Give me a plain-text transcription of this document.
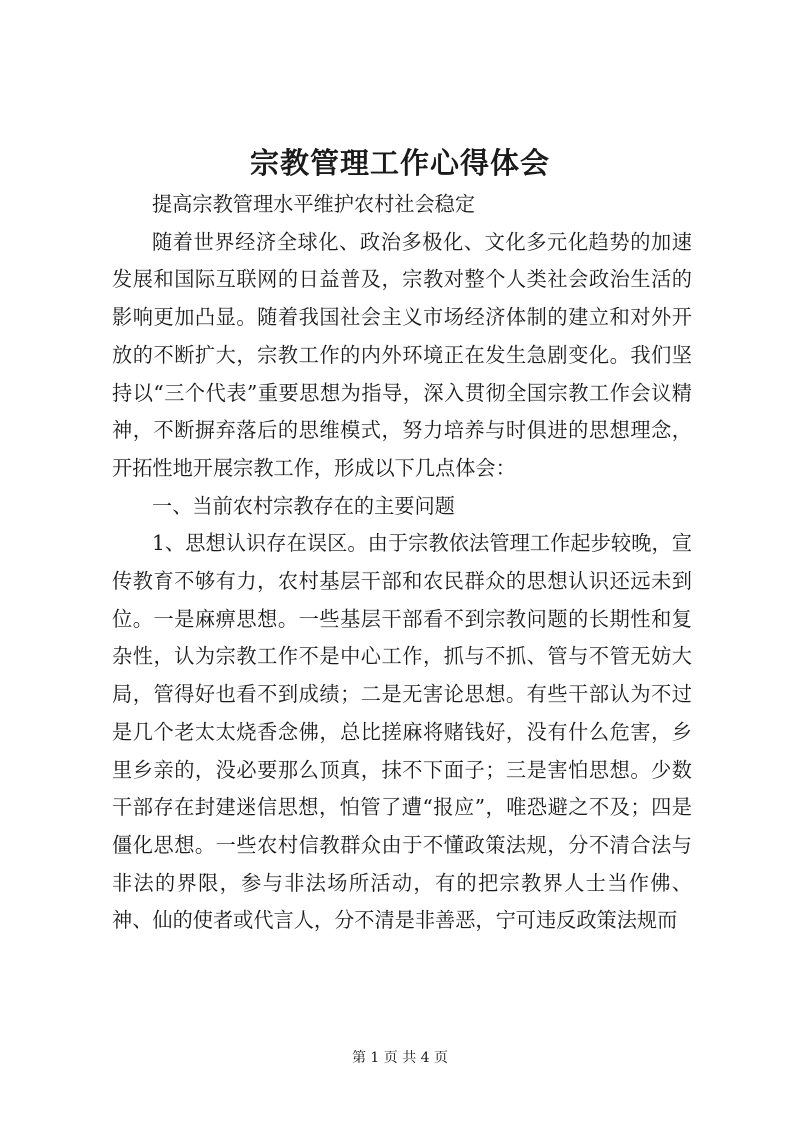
宗教管理工作心得体会

提高宗教管理水平维护农村社会稳定

随着世界经济全球化、政治多极化、文化多元化趋势的加速发展和国际互联网的日益普及，宗教对整个人类社会政治生活的影响更加凸显。随着我国社会主义市场经济体制的建立和对外开放的不断扩大，宗教工作的内外环境正在发生急剧变化。我们坚持以“三个代表”重要思想为指导，深入贯彻全国宗教工作会议精神，不断摒弃落后的思维模式，努力培养与时俱进的思想理念，开拓性地开展宗教工作，形成以下几点体会：

一、当前农村宗教存在的主要问题

1、思想认识存在误区。由于宗教依法管理工作起步较晚，宣传教育不够有力，农村基层干部和农民群众的思想认识还远未到位。一是麻痹思想。一些基层干部看不到宗教问题的长期性和复杂性，认为宗教工作不是中心工作，抓与不抓、管与不管无妨大局，管得好也看不到成绩；二是无害论思想。有些干部认为不过是几个老太太烧香念佛，总比搓麻将赌钱好，没有什么危害，乡里乡亲的，没必要那么顶真，抹不下面子；三是害怕思想。少数干部存在封建迷信思想，怕管了遭“报应”，唯恐避之不及；四是僵化思想。一些农村信教群众由于不懂政策法规，分不清合法与非法的界限，参与非法场所活动，有的把宗教界人士当作佛、神、仙的使者或代言人，分不清是非善恶，宁可违反政策法规而

第 1 页 共 4 页
